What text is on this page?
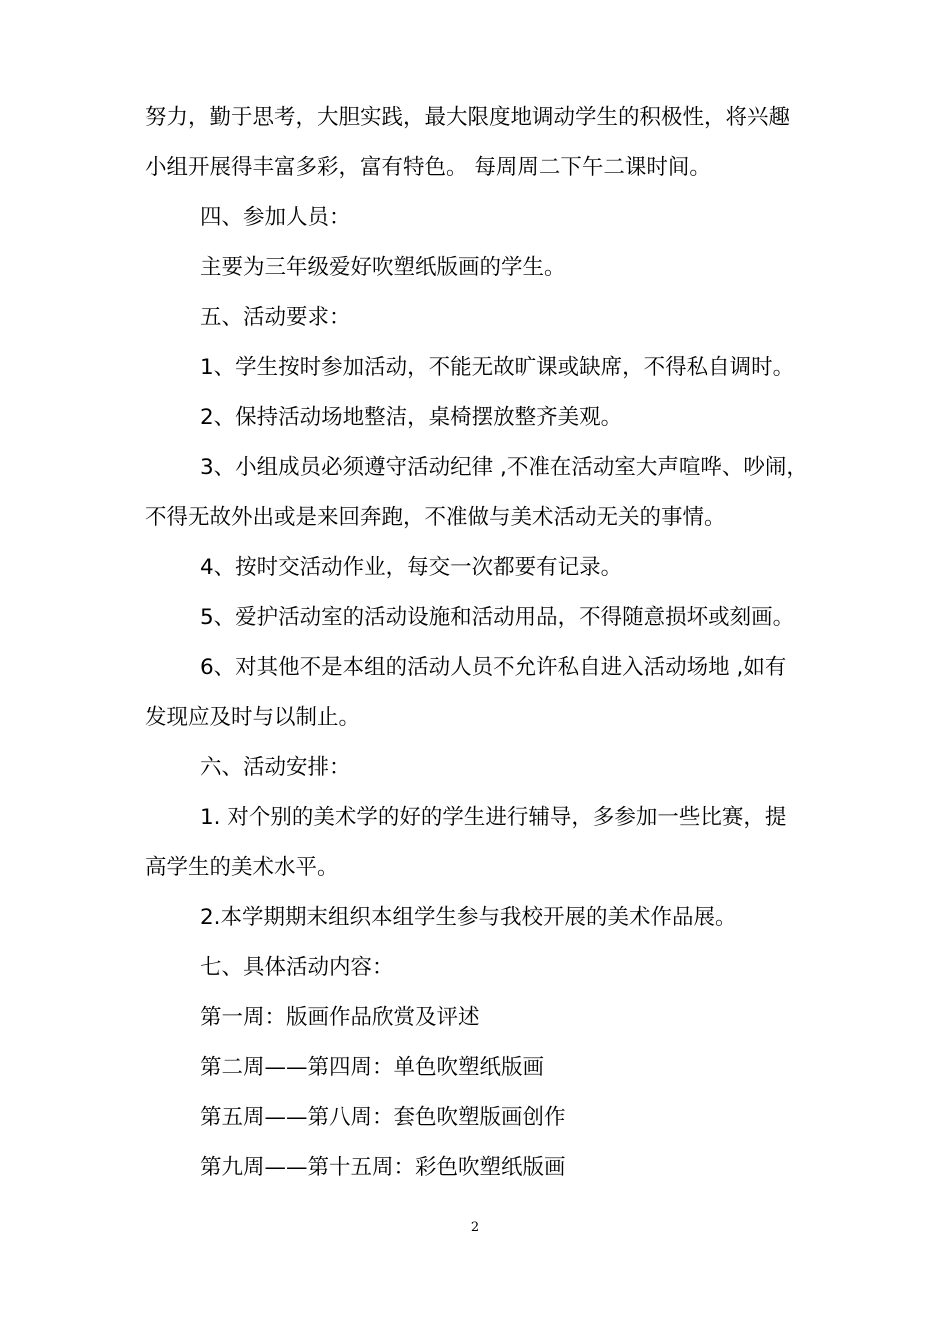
努力，勤于思考，大胆实践，最大限度地调动学生的积极性，将兴趣
小组开展得丰富多彩，富有特色。 每周周二下午二课时间。
四、参加人员：
主要为三年级爱好吹塑纸版画的学生。
五、活动要求：
1、学生按时参加活动，不能无故旷课或缺席，不得私自调时。
2、保持活动场地整洁，桌椅摆放整齐美观。
3、小组成员必须遵守活动纪律 ,不准在活动室大声喧哗、吵闹，
不得无故外出或是来回奔跑，不准做与美术活动无关的事情。
4、按时交活动作业，每交一次都要有记录。
5、爱护活动室的活动设施和活动用品，不得随意损坏或刻画。
6、对其他不是本组的活动人员不允许私自进入活动场地 ,如有
发现应及时与以制止。
六、活动安排：
1. 对个别的美术学的好的学生进行辅导，多参加一些比赛，提
高学生的美术水平。
2.本学期期末组织本组学生参与我校开展的美术作品展。
七、具体活动内容：
第一周：版画作品欣赏及评述
第二周——第四周：单色吹塑纸版画
第五周——第八周：套色吹塑版画创作
第九周——第十五周：彩色吹塑纸版画
2
